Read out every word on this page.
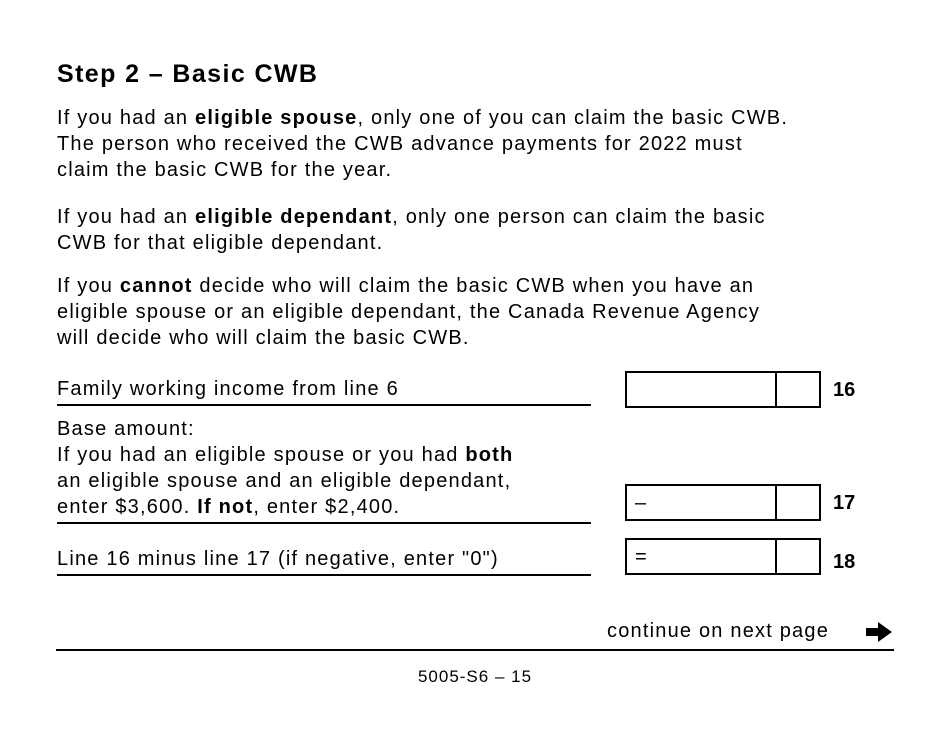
Step 2 – Basic CWB

If you had an eligible spouse, only one of you can claim the basic CWB.
The person who received the CWB advance payments for 2022 must
claim the basic CWB for the year.

If you had an eligible dependant, only one person can claim the basic
CWB for that eligible dependant.

If you cannot decide who will claim the basic CWB when you have an
eligible spouse or an eligible dependant, the Canada Revenue Agency
will decide who will claim the basic CWB.

Family working income from line 6	16
Base amount:
If you had an eligible spouse or you had both
an eligible spouse and an eligible dependant,
enter $3,600. If not, enter $2,400.	–	17
Line 16 minus line 17 (if negative, enter "0")	=	18
continue on next page
5005-S6 – 15
